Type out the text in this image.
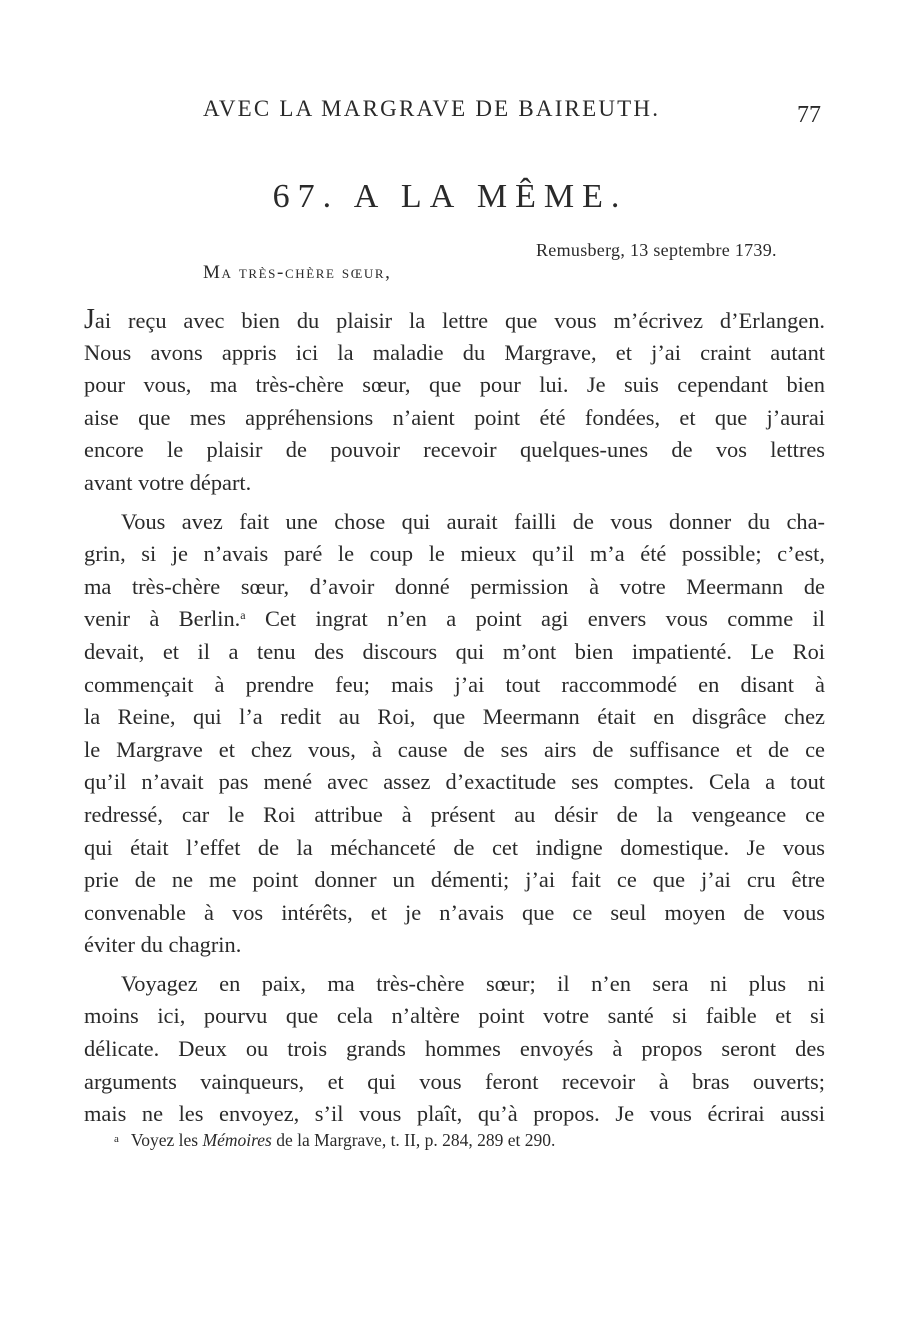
AVEC LA MARGRAVE DE BAIREUTH.	77
67. A LA MÊME.
Remusberg, 13 septembre 1739.
Ma très-chère sœur,
Jai reçu avec bien du plaisir la lettre que vous m’écrivez d’Erlangen.
Nous avons appris ici la maladie du Margrave, et j’ai craint autant
pour vous, ma très-chère sœur, que pour lui. Je suis cependant bien
aise que mes appréhensions n’aient point été fondées, et que j’aurai
encore le plaisir de pouvoir recevoir quelques-unes de vos lettres
avant votre départ.
Vous avez fait une chose qui aurait failli de vous donner du cha-
grin, si je n’avais paré le coup le mieux qu’il m’a été possible; c’est,
ma très-chère sœur, d’avoir donné permission à votre Meermann de
venir à Berlin.$^a$ Cet ingrat n’en a point agi envers vous comme il
devait, et il a tenu des discours qui m’ont bien impatienté. Le Roi
commençait à prendre feu; mais j’ai tout raccommodé en disant à
la Reine, qui l’a redit au Roi, que Meermann était en disgrâce chez
le Margrave et chez vous, à cause de ses airs de suffisance et de ce
qu’il n’avait pas mené avec assez d’exactitude ses comptes. Cela a tout
redressé, car le Roi attribue à présent au désir de la vengeance ce
qui était l’effet de la méchanceté de cet indigne domestique. Je vous
prie de ne me point donner un démenti; j’ai fait ce que j’ai cru être
convenable à vos intérêts, et je n’avais que ce seul moyen de vous
éviter du chagrin.
Voyagez en paix, ma très-chère sœur; il n’en sera ni plus ni
moins ici, pourvu que cela n’altère point votre santé si faible et si
délicate. Deux ou trois grands hommes envoyés à propos seront des
arguments vainqueurs, et qui vous feront recevoir à bras ouverts;
mais ne les envoyez, s’il vous plaît, qu’à propos. Je vous écrirai aussi
$^a$ Voyez les Mémoires de la Margrave, t. II, p. 284, 289 et 290.
